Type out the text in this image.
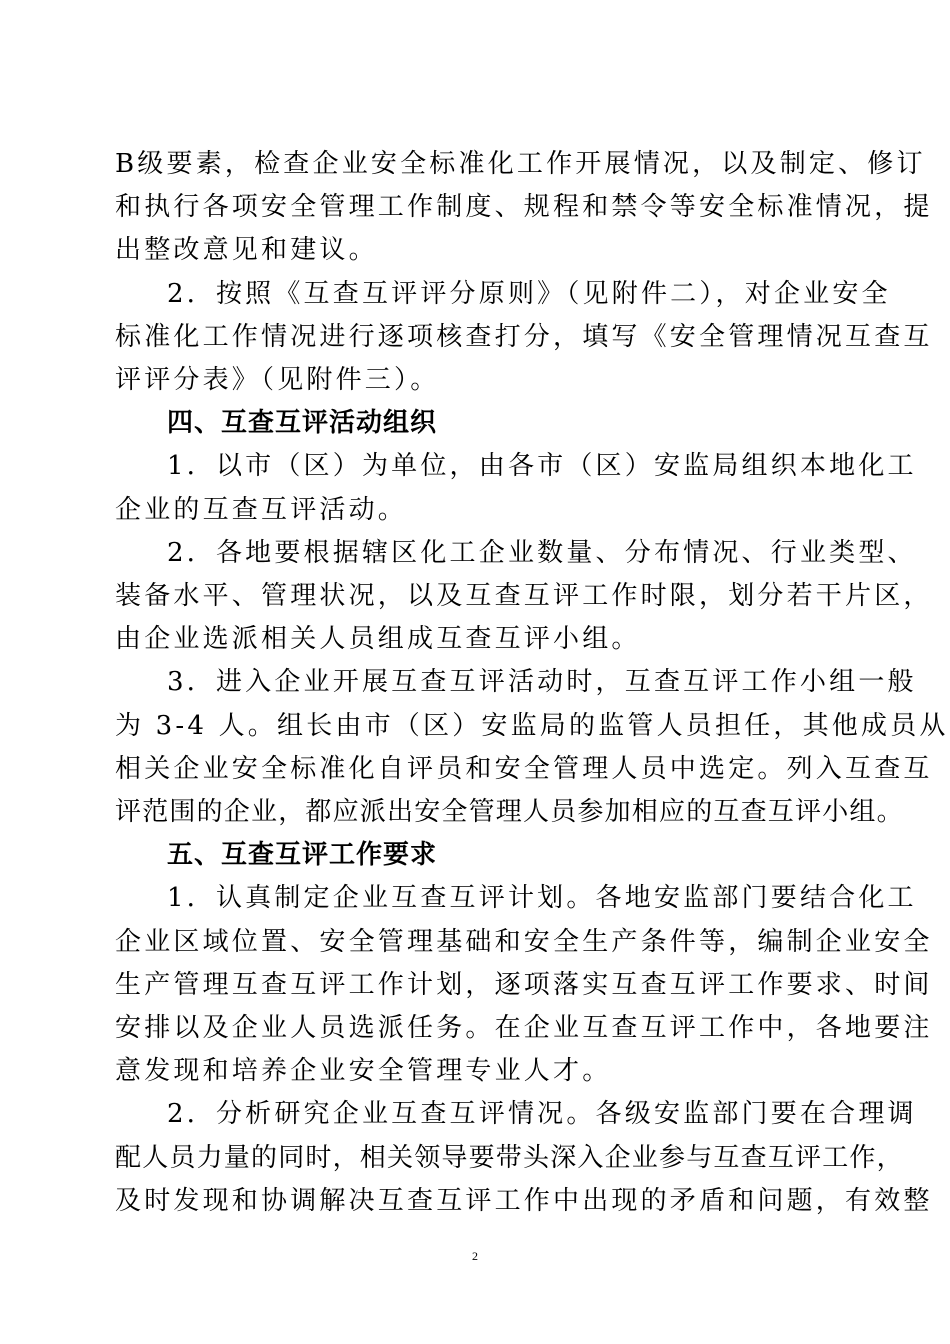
B级要素，检查企业安全标准化工作开展情况，以及制定、修订
和执行各项安全管理工作制度、规程和禁令等安全标准情况，提
出整改意见和建议。
2．按照《互查互评评分原则》（见附件二），对企业安全
标准化工作情况进行逐项核查打分，填写《安全管理情况互查互
评评分表》（见附件三）。
四、互查互评活动组织
1．以市（区）为单位，由各市（区）安监局组织本地化工
企业的互查互评活动。
2．各地要根据辖区化工企业数量、分布情况、行业类型、
装备水平、管理状况，以及互查互评工作时限，划分若干片区，
由企业选派相关人员组成互查互评小组。
3．进入企业开展互查互评活动时，互查互评工作小组一般
为 3-4 人。组长由市（区）安监局的监管人员担任，其他成员从
相关企业安全标准化自评员和安全管理人员中选定。列入互查互
评范围的企业，都应派出安全管理人员参加相应的互查互评小组。
五、互查互评工作要求
1．认真制定企业互查互评计划。各地安监部门要结合化工
企业区域位置、安全管理基础和安全生产条件等，编制企业安全
生产管理互查互评工作计划，逐项落实互查互评工作要求、时间
安排以及企业人员选派任务。在企业互查互评工作中，各地要注
意发现和培养企业安全管理专业人才。
2．分析研究企业互查互评情况。各级安监部门要在合理调
配人员力量的同时，相关领导要带头深入企业参与互查互评工作，
及时发现和协调解决互查互评工作中出现的矛盾和问题，有效整
2
